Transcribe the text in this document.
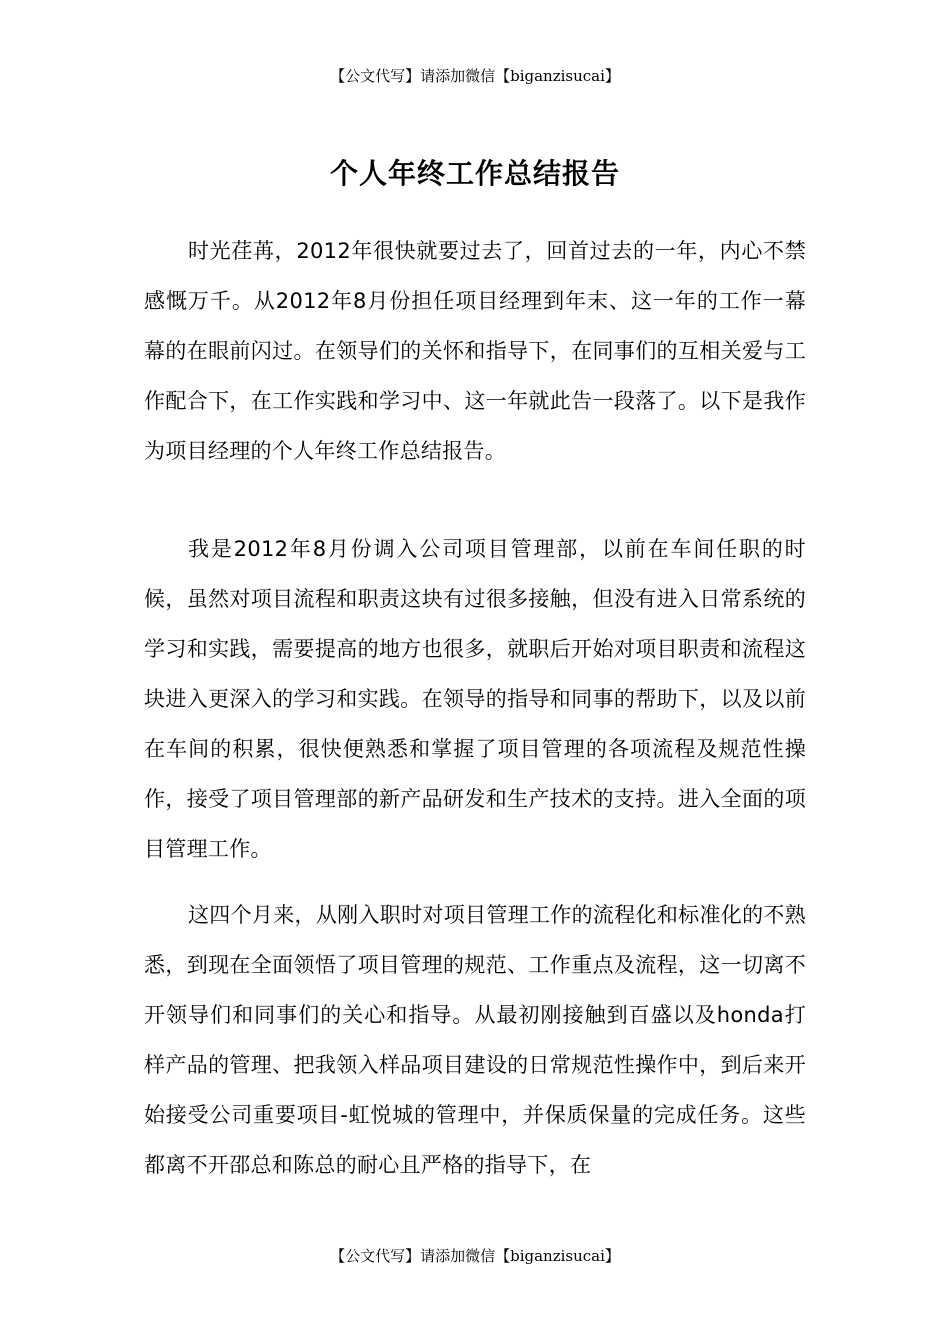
【公文代写】请添加微信【biganzisucai】
个人年终工作总结报告

时光荏苒，2012年很快就要过去了，回首过去的一年，内心不禁感慨万千。从2012年8月份担任项目经理到年末、这一年的工作一幕幕的在眼前闪过。在领导们的关怀和指导下，在同事们的互相关爱与工作配合下，在工作实践和学习中、这一年就此告一段落了。以下是我作为项目经理的个人年终工作总结报告。

我是2012年8月份调入公司项目管理部，以前在车间任职的时候，虽然对项目流程和职责这块有过很多接触，但没有进入日常系统的学习和实践，需要提高的地方也很多，就职后开始对项目职责和流程这块进入更深入的学习和实践。在领导的指导和同事的帮助下，以及以前在车间的积累，很快便熟悉和掌握了项目管理的各项流程及规范性操作，接受了项目管理部的新产品研发和生产技术的支持。进入全面的项目管理工作。

这四个月来，从刚入职时对项目管理工作的流程化和标准化的不熟悉，到现在全面领悟了项目管理的规范、工作重点及流程，这一切离不开领导们和同事们的关心和指导。从最初刚接触到百盛以及honda打样产品的管理、把我领入样品项目建设的日常规范性操作中，到后来开始接受公司重要项目-虹悦城的管理中，并保质保量的完成任务。这些都离不开邵总和陈总的耐心且严格的指导下，在

【公文代写】请添加微信【biganzisucai】
